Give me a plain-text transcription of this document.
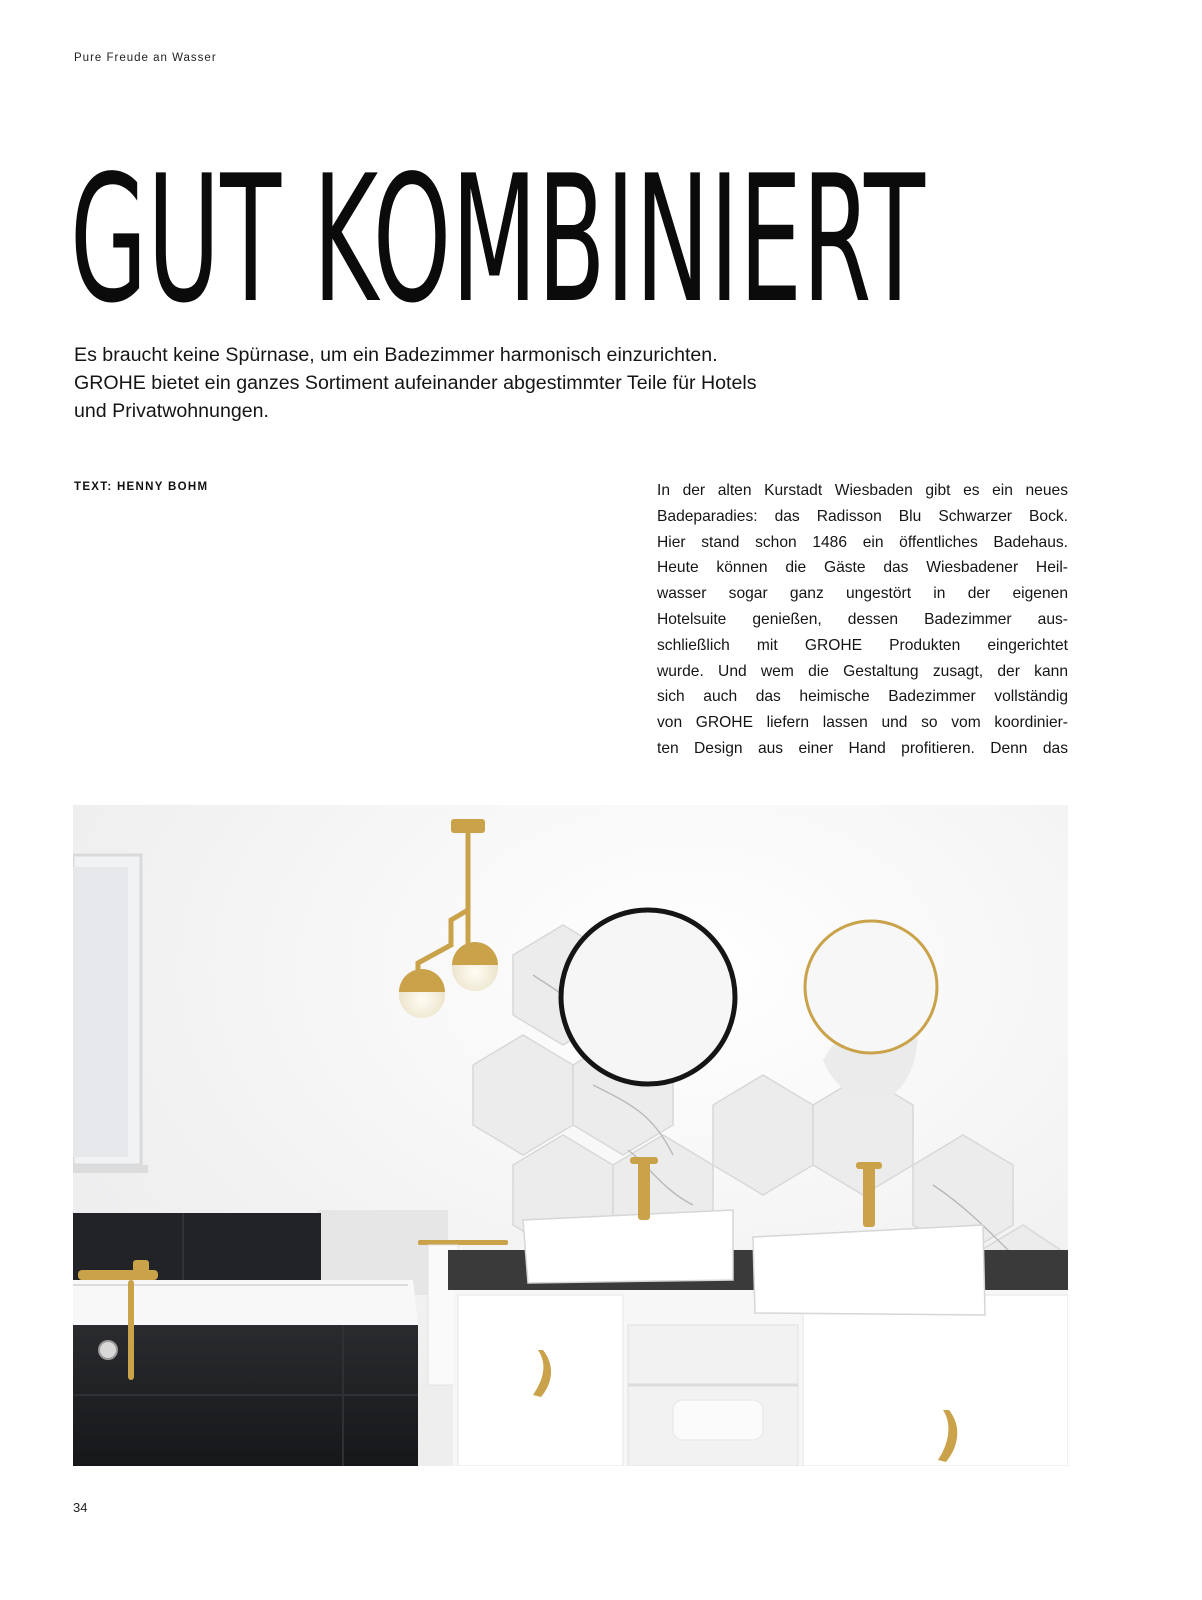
Pure Freude an Wasser
GUT KOMBINIERT

Es braucht keine Spürnase, um ein Badezimmer harmonisch einzurichten.
GROHE bietet ein ganzes Sortiment aufeinander abgestimmter Teile für Hotels
und Privatwohnungen.

TEXT: HENNY BOHM	In der alten Kurstadt Wiesbaden gibt es ein neues
Badeparadies: das Radisson Blu Schwarzer Bock.
Hier stand schon 1486 ein öffentliches Badehaus.
Heute können die Gäste das Wiesbadener Heil-
wasser sogar ganz ungestört in der eigenen
Hotelsuite genießen, dessen Badezimmer aus-
schließlich mit GROHE Produkten eingerichtet
wurde. Und wem die Gestaltung zusagt, der kann
sich auch das heimische Badezimmer vollständig
von GROHE liefern lassen und so vom koordinier-
ten Design aus einer Hand profitieren. Denn das

34
